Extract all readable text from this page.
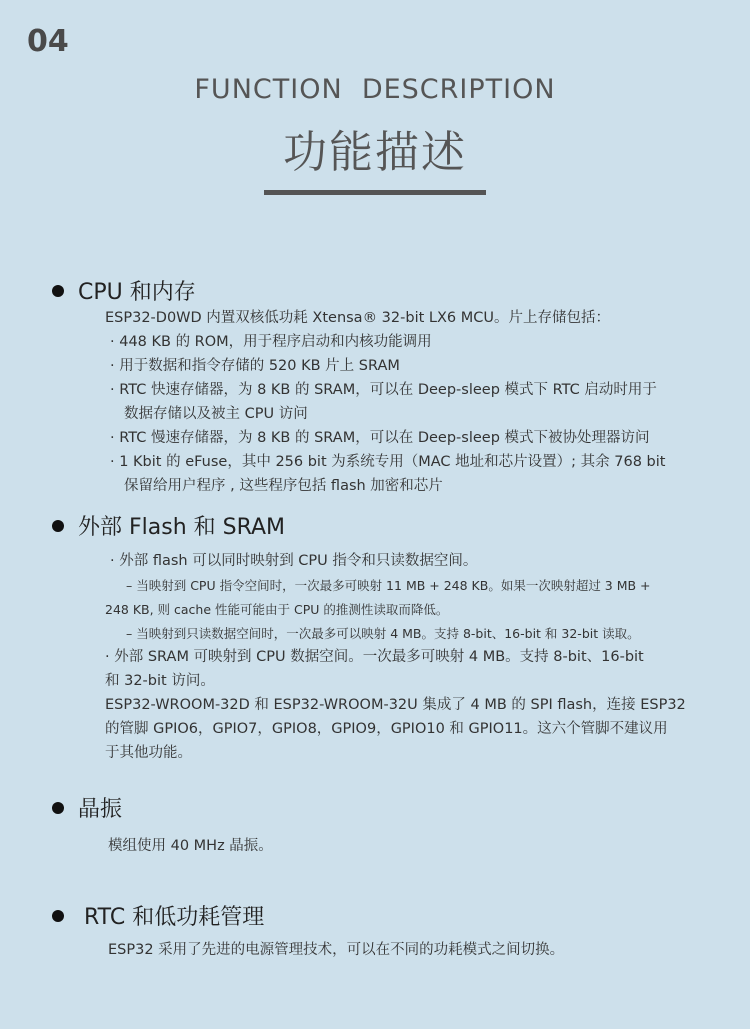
04
FUNCTION  DESCRIPTION
功能描述
CPU 和内存
ESP32-D0WD 内置双核低功耗 Xtensa® 32-bit LX6 MCU。片上存储包括：
· 448 KB 的 ROM，用于程序启动和内核功能调用
· 用于数据和指令存储的 520 KB 片上 SRAM
· RTC 快速存储器，为 8 KB 的 SRAM，可以在 Deep-sleep 模式下 RTC 启动时用于
数据存储以及被主 CPU 访问
· RTC 慢速存储器，为 8 KB 的 SRAM，可以在 Deep-sleep 模式下被协处理器访问
· 1 Kbit 的 eFuse，其中 256 bit 为系统专用（MAC 地址和芯片设置）; 其余 768 bit
保留给用户程序 , 这些程序包括 flash 加密和芯片
外部 Flash 和 SRAM
· 外部 flash 可以同时映射到 CPU 指令和只读数据空间。
– 当映射到 CPU 指令空间时，一次最多可映射 11 MB + 248 KB。如果一次映射超过 3 MB +
248 KB, 则 cache 性能可能由于 CPU 的推测性读取而降低。
– 当映射到只读数据空间时，一次最多可以映射 4 MB。支持 8-bit、16-bit 和 32-bit 读取。
· 外部 SRAM 可映射到 CPU 数据空间。一次最多可映射 4 MB。支持 8-bit、16-bit
和 32-bit 访问。
ESP32-WROOM-32D 和 ESP32-WROOM-32U 集成了 4 MB 的 SPI flash，连接 ESP32
的管脚 GPIO6，GPIO7，GPIO8，GPIO9，GPIO10 和 GPIO11。这六个管脚不建议用
于其他功能。
晶振
模组使用 40 MHz 晶振。
RTC 和低功耗管理
ESP32 采用了先进的电源管理技术，可以在不同的功耗模式之间切换。
